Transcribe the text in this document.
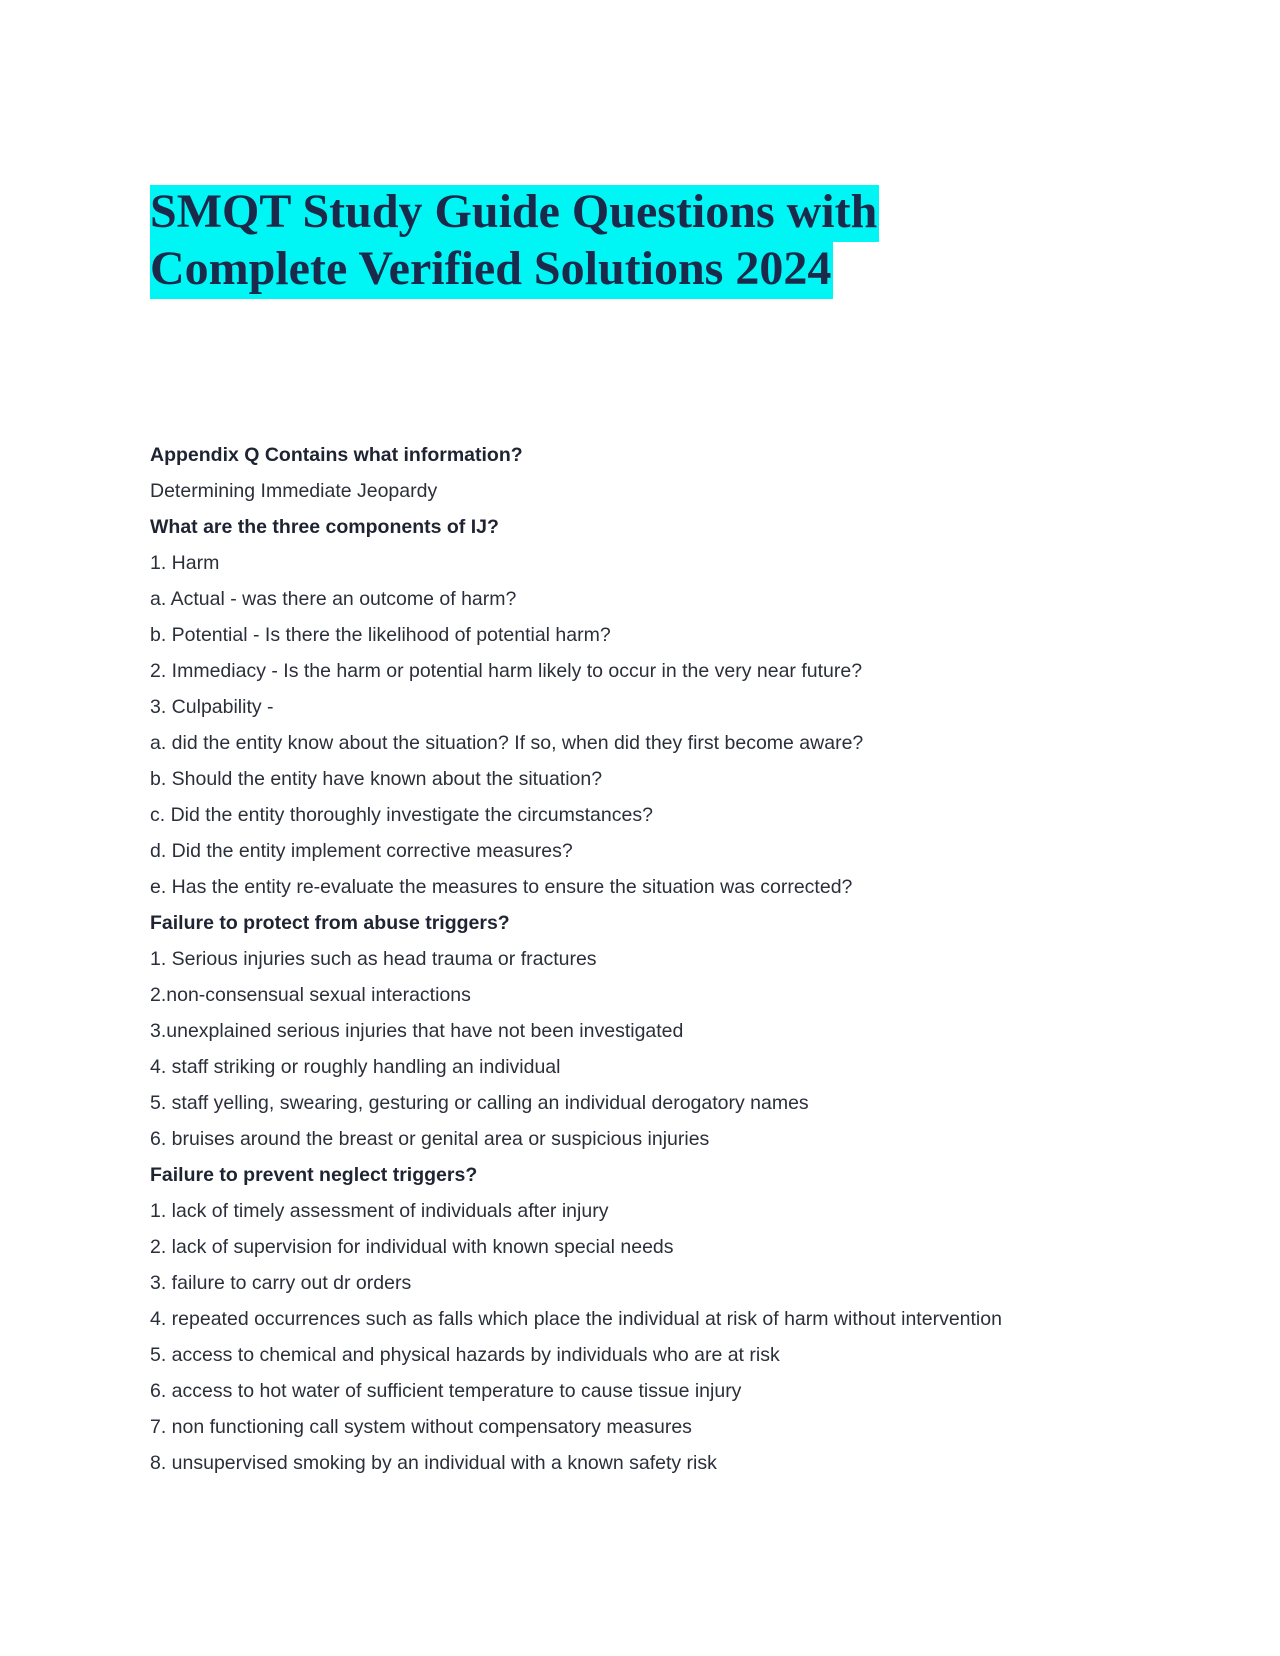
SMQT Study Guide Questions with
Complete Verified Solutions 2024
Appendix Q Contains what information?
Determining Immediate Jeopardy
What are the three components of IJ?
1. Harm
a. Actual - was there an outcome of harm?
b. Potential - Is there the likelihood of potential harm?
2. Immediacy - Is the harm or potential harm likely to occur in the very near future?
3. Culpability -
a. did the entity know about the situation? If so, when did they first become aware?
b. Should the entity have known about the situation?
c. Did the entity thoroughly investigate the circumstances?
d. Did the entity implement corrective measures?
e. Has the entity re-evaluate the measures to ensure the situation was corrected?
Failure to protect from abuse triggers?
1. Serious injuries such as head trauma or fractures
2.non-consensual sexual interactions
3.unexplained serious injuries that have not been investigated
4. staff striking or roughly handling an individual
5. staff yelling, swearing, gesturing or calling an individual derogatory names
6. bruises around the breast or genital area or suspicious injuries
Failure to prevent neglect triggers?
1. lack of timely assessment of individuals after injury
2. lack of supervision for individual with known special needs
3. failure to carry out dr orders
4. repeated occurrences such as falls which place the individual at risk of harm without intervention
5. access to chemical and physical hazards by individuals who are at risk
6. access to hot water of sufficient temperature to cause tissue injury
7. non functioning call system without compensatory measures
8. unsupervised smoking by an individual with a known safety risk
